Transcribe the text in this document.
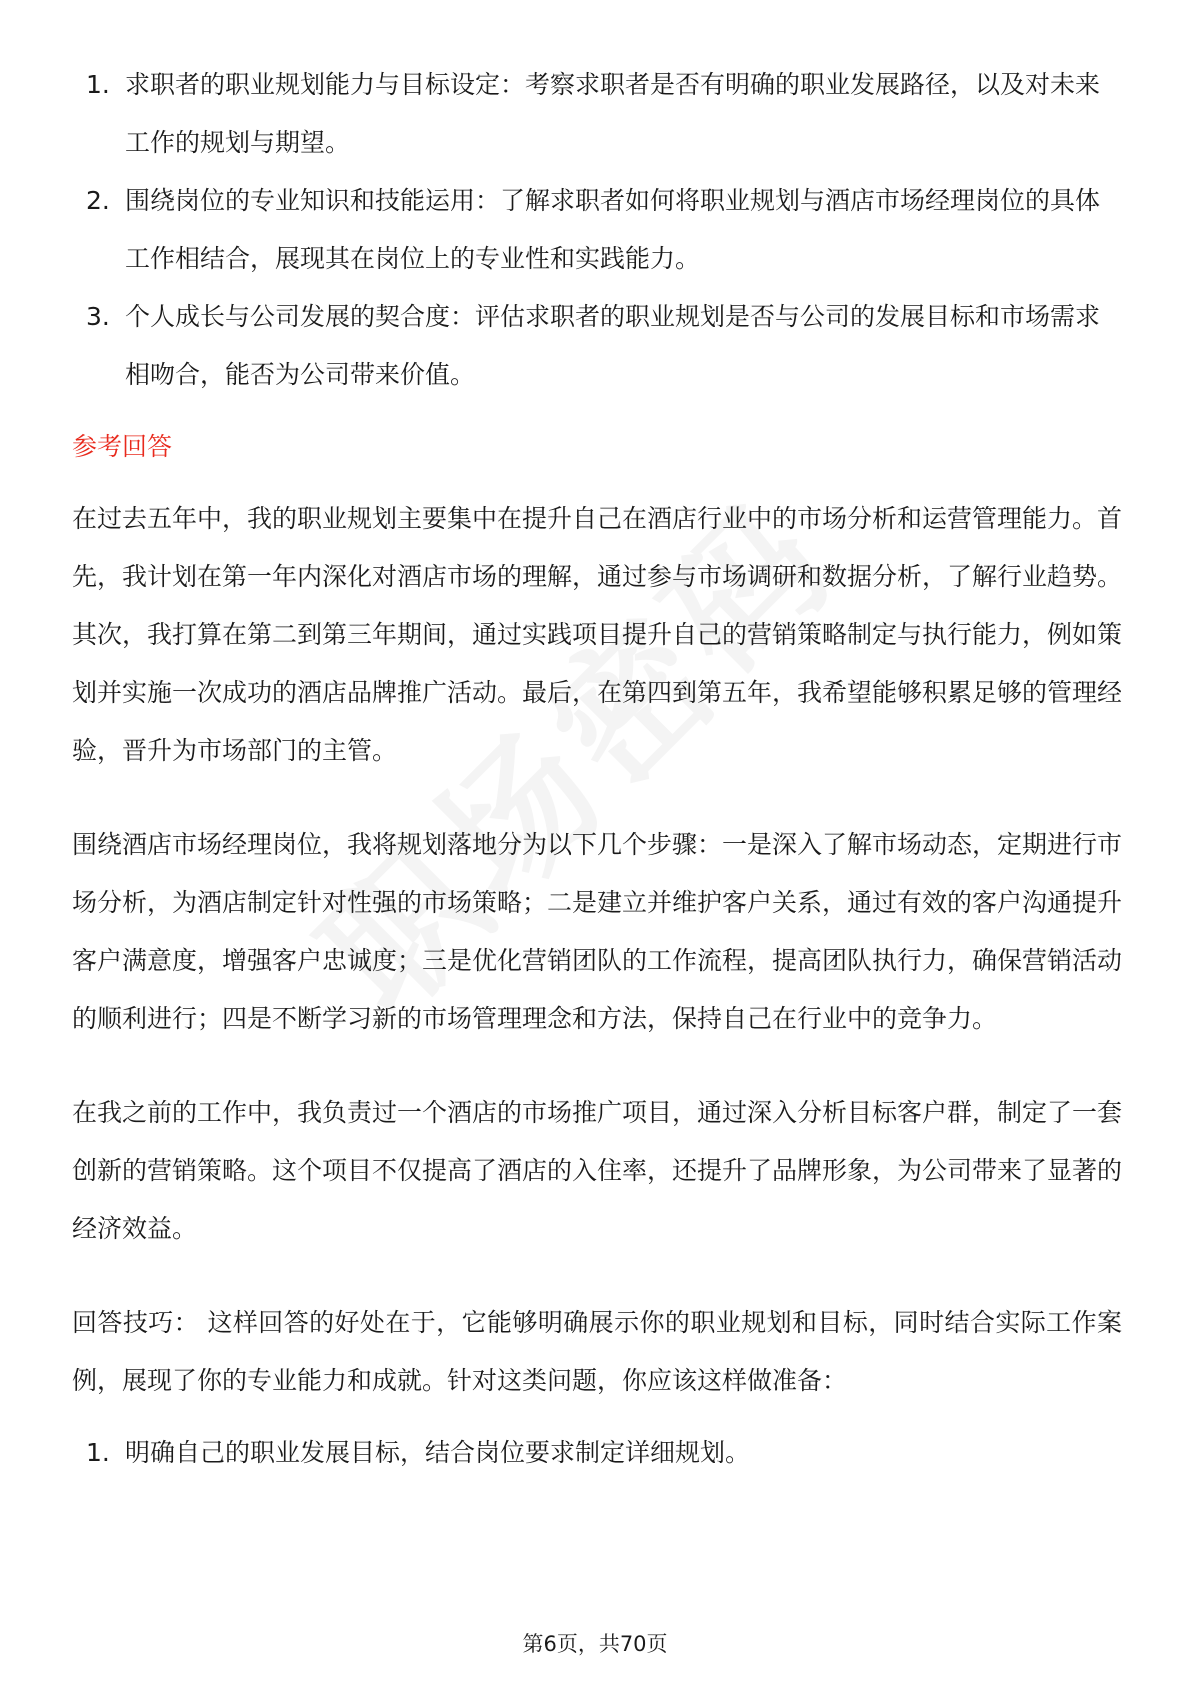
1. 求职者的职业规划能力与目标设定：考察求职者是否有明确的职业发展路径，以及对未来工作的规划与期望。
2. 围绕岗位的专业知识和技能运用：了解求职者如何将职业规划与酒店市场经理岗位的具体工作相结合，展现其在岗位上的专业性和实践能力。
3. 个人成长与公司发展的契合度：评估求职者的职业规划是否与公司的发展目标和市场需求相吻合，能否为公司带来价值。
参考回答

在过去五年中，我的职业规划主要集中在提升自己在酒店行业中的市场分析和运营管理能力。首先，我计划在第一年内深化对酒店市场的理解，通过参与市场调研和数据分析，了解行业趋势。其次，我打算在第二到第三年期间，通过实践项目提升自己的营销策略制定与执行能力，例如策划并实施一次成功的酒店品牌推广活动。最后，在第四到第五年，我希望能够积累足够的管理经验，晋升为市场部门的主管。

围绕酒店市场经理岗位，我将规划落地分为以下几个步骤：一是深入了解市场动态，定期进行市场分析，为酒店制定针对性强的市场策略；二是建立并维护客户关系，通过有效的客户沟通提升客户满意度，增强客户忠诚度；三是优化营销团队的工作流程，提高团队执行力，确保营销活动的顺利进行；四是不断学习新的市场管理理念和方法，保持自己在行业中的竞争力。

在我之前的工作中，我负责过一个酒店的市场推广项目，通过深入分析目标客户群，制定了一套创新的营销策略。这个项目不仅提高了酒店的入住率，还提升了品牌形象，为公司带来了显著的经济效益。

回答技巧： 这样回答的好处在于，它能够明确展示你的职业规划和目标，同时结合实际工作案例，展现了你的专业能力和成就。针对这类问题，你应该这样做准备：

1. 明确自己的职业发展目标，结合岗位要求制定详细规划。
第6页，共70页
